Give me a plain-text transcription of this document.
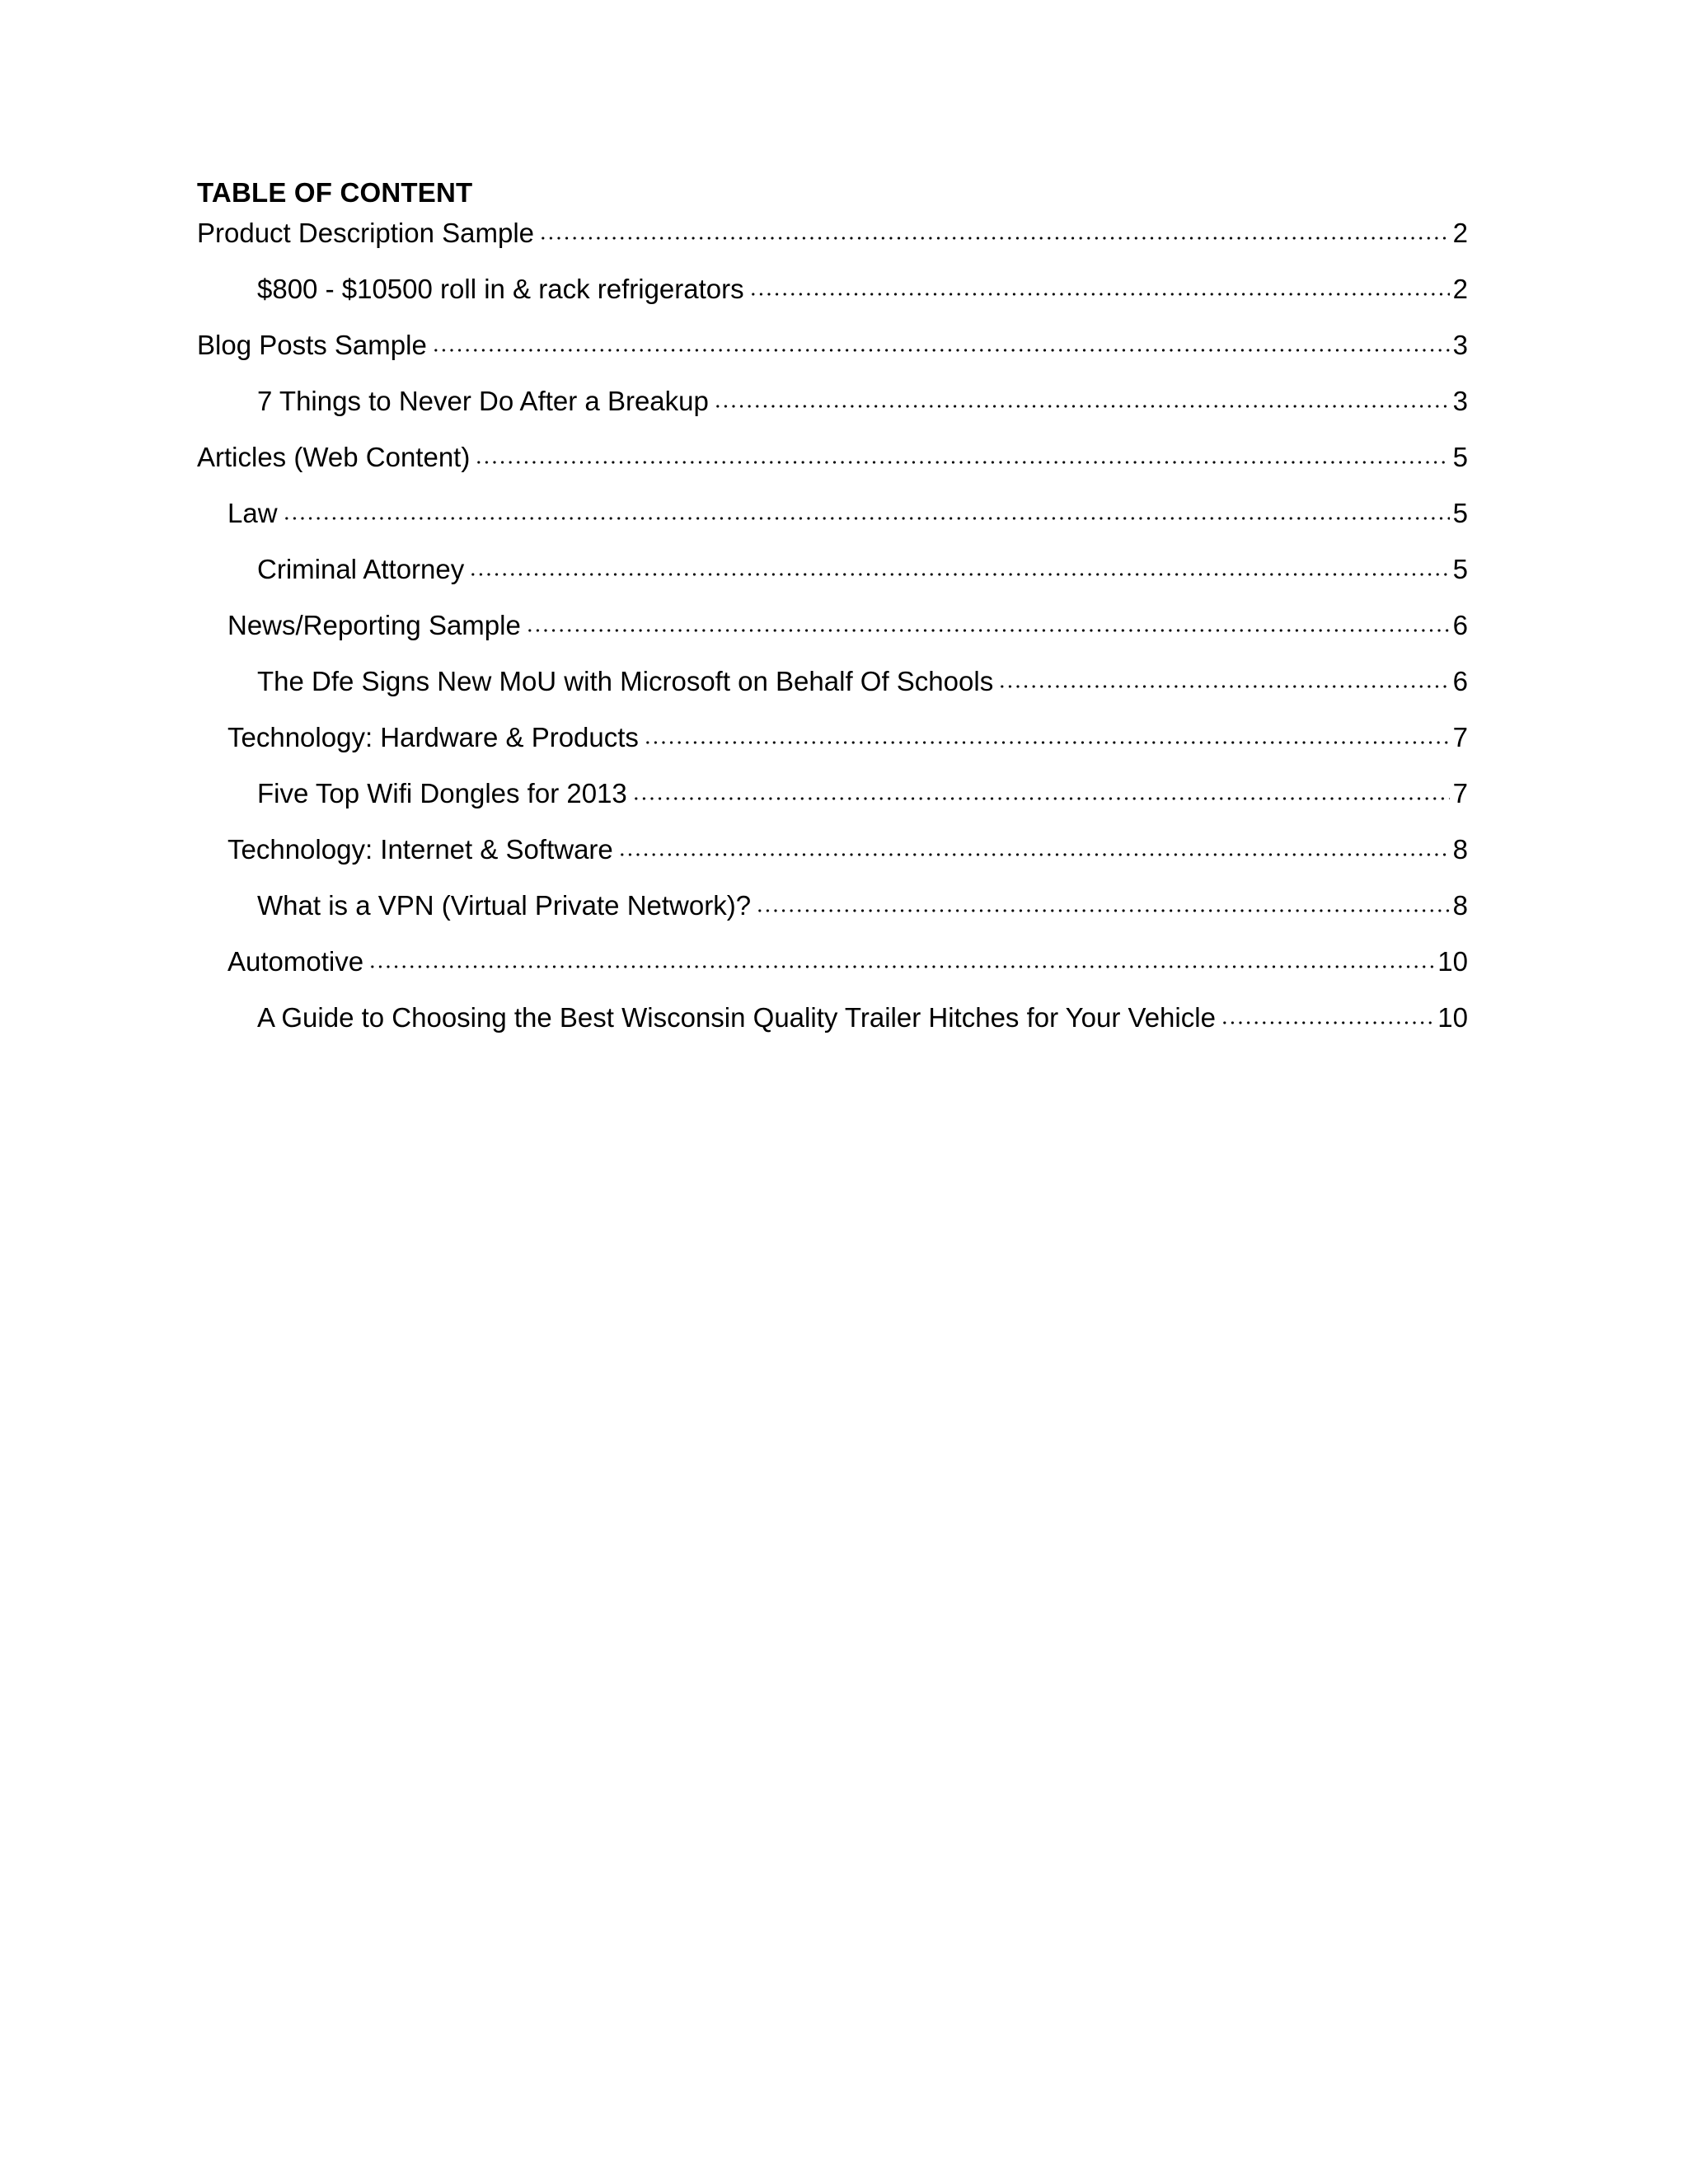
TABLE OF CONTENT
Product Description Sample	2
$800 - $10500 roll in & rack refrigerators	2
Blog Posts Sample	3
7 Things to Never Do After a Breakup	3
Articles (Web Content)	5
Law	5
Criminal Attorney	5
News/Reporting Sample	6
The Dfe Signs New MoU with Microsoft on Behalf Of Schools	6
Technology: Hardware & Products	7
Five Top Wifi Dongles for 2013	7
Technology: Internet & Software	8
What is a VPN (Virtual Private Network)?	8
Automotive	10
A Guide to Choosing the Best Wisconsin Quality Trailer Hitches for Your Vehicle	10
